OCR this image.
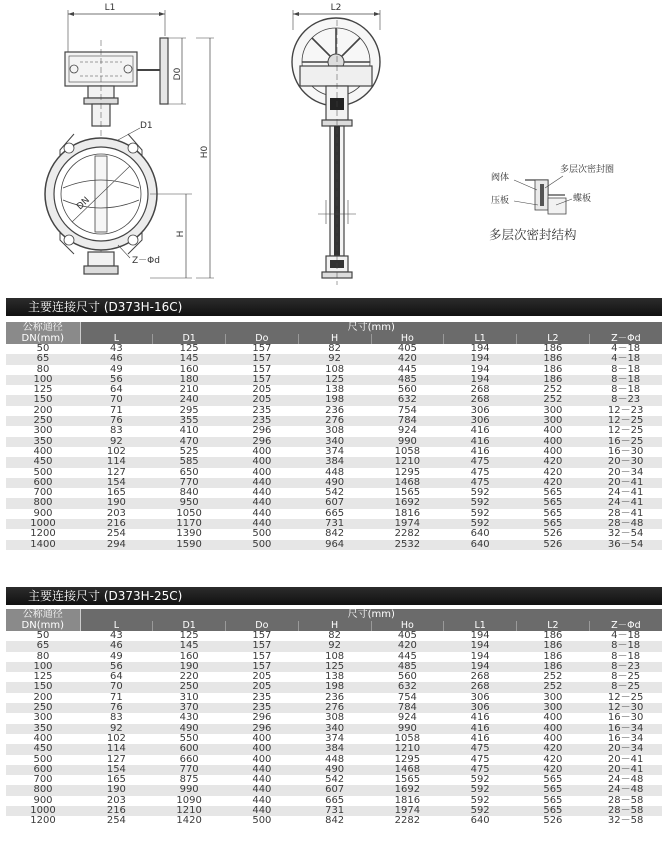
L1
D0
H0
H
D1
DN
Z－Φd
L2
L
阀体
多层次密封圈
压板	蝶板
多层次密封结构
主要连接尺寸 (D373H-16C)
公称通径
DN(mm)	尺寸(mm)							
	L	D1	Do	H	Ho	L1	L2	Z－Φd
50	43	125	157	82	405	194	186	4－18
65	46	145	157	92	420	194	186	4－18
80	49	160	157	108	445	194	186	8－18
100	56	180	157	125	485	194	186	8－18
125	64	210	205	138	560	268	252	8－18
150	70	240	205	198	632	268	252	8－23
200	71	295	235	236	754	306	300	12－23
250	76	355	235	276	784	306	300	12－25
300	83	410	296	308	924	416	400	12－25
350	92	470	296	340	990	416	400	16－25
400	102	525	400	374	1058	416	400	16－30
450	114	585	400	384	1210	475	420	20－30
500	127	650	400	448	1295	475	420	20－34
600	154	770	440	490	1468	475	420	20－41
700	165	840	440	542	1565	592	565	24－41
800	190	950	440	607	1692	592	565	24－41
900	203	1050	440	665	1816	592	565	28－41
1000	216	1170	440	731	1974	592	565	28－48
1200	254	1390	500	842	2282	640	526	32－54
1400	294	1590	500	964	2532	640	526	36－54
主要连接尺寸 (D373H-25C)
公称通径
DN(mm)	尺寸(mm)							
	L	D1	Do	H	Ho	L1	L2	Z－Φd
50	43	125	157	82	405	194	186	4－18
65	46	145	157	92	420	194	186	8－18
80	49	160	157	108	445	194	186	8－18
100	56	190	157	125	485	194	186	8－23
125	64	220	205	138	560	268	252	8－25
150	70	250	205	198	632	268	252	8－25
200	71	310	235	236	754	306	300	12－25
250	76	370	235	276	784	306	300	12－30
300	83	430	296	308	924	416	400	16－30
350	92	490	296	340	990	416	400	16－34
400	102	550	400	374	1058	416	400	16－34
450	114	600	400	384	1210	475	420	20－34
500	127	660	400	448	1295	475	420	20－41
600	154	770	440	490	1468	475	420	20－41
700	165	875	440	542	1565	592	565	24－48
800	190	990	440	607	1692	592	565	24－48
900	203	1090	440	665	1816	592	565	28－58
1000	216	1210	440	731	1974	592	565	28－58
1200	254	1420	500	842	2282	640	526	32－58
